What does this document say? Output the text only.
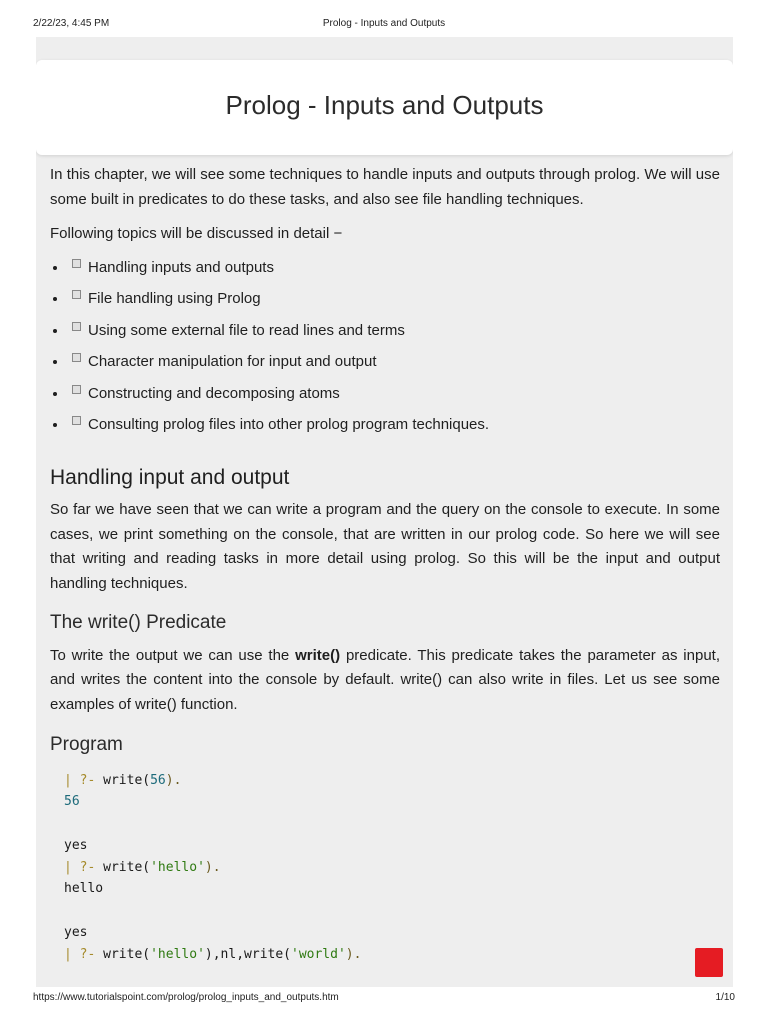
2/22/23, 4:45 PM	Prolog - Inputs and Outputs
Prolog - Inputs and Outputs

In this chapter, we will see some techniques to handle inputs and outputs through prolog. We will use some built in predicates to do these tasks, and also see file handling techniques.

Following topics will be discussed in detail −

• Handling inputs and outputs
• File handling using Prolog
• Using some external file to read lines and terms
• Character manipulation for input and output
• Constructing and decomposing atoms
• Consulting prolog files into other prolog program techniques.
Handling input and output

So far we have seen that we can write a program and the query on the console to execute. In some cases, we print something on the console, that are written in our prolog code. So here we will see that writing and reading tasks in more detail using prolog. So this will be the input and output handling techniques.

The write() Predicate

To write the output we can use the write() predicate. This predicate takes the parameter as input, and writes the content into the console by default. write() can also write in files. Let us see some examples of write() function.

Program
| ?- write(56).
56
yes
| ?- write('hello').
hello
yes
| ?- write('hello'),nl,write('world').
https://www.tutorialspoint.com/prolog/prolog_inputs_and_outputs.htm	1/10
